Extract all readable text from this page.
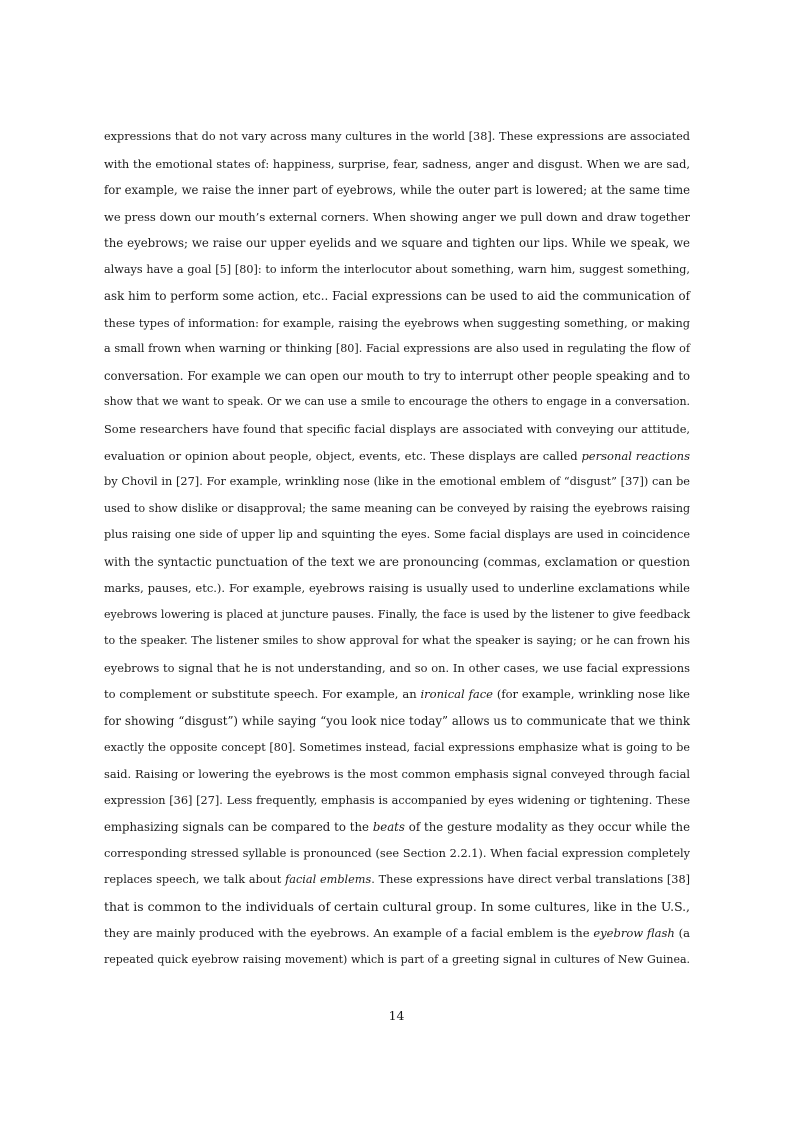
expressions that do not vary across many cultures in the world [38]. These expressions are associated
with the emotional states of: happiness, surprise, fear, sadness, anger and disgust. When we are sad,
for example, we raise the inner part of eyebrows, while the outer part is lowered; at the same time
we press down our mouth’s external corners. When showing anger we pull down and draw together
the eyebrows; we raise our upper eyelids and we square and tighten our lips. While we speak, we
always have a goal [5] [80]: to inform the interlocutor about something, warn him, suggest something,
ask him to perform some action, etc.. Facial expressions can be used to aid the communication of
these types of information: for example, raising the eyebrows when suggesting something, or making
a small frown when warning or thinking [80]. Facial expressions are also used in regulating the flow of
conversation. For example we can open our mouth to try to interrupt other people speaking and to
show that we want to speak. Or we can use a smile to encourage the others to engage in a conversation.
Some researchers have found that specific facial displays are associated with conveying our attitude,
evaluation or opinion about people, object, events, etc. These displays are called personal reactions
by Chovil in [27]. For example, wrinkling nose (like in the emotional emblem of “disgust” [37]) can be
used to show dislike or disapproval; the same meaning can be conveyed by raising the eyebrows raising
plus raising one side of upper lip and squinting the eyes. Some facial displays are used in coincidence
with the syntactic punctuation of the text we are pronouncing (commas, exclamation or question
marks, pauses, etc.). For example, eyebrows raising is usually used to underline exclamations while
eyebrows lowering is placed at juncture pauses. Finally, the face is used by the listener to give feedback
to the speaker. The listener smiles to show approval for what the speaker is saying; or he can frown his
eyebrows to signal that he is not understanding, and so on. In other cases, we use facial expressions
to complement or substitute speech. For example, an ironical face (for example, wrinkling nose like
for showing “disgust”) while saying “you look nice today” allows us to communicate that we think
exactly the opposite concept [80]. Sometimes instead, facial expressions emphasize what is going to be
said. Raising or lowering the eyebrows is the most common emphasis signal conveyed through facial
expression [36] [27]. Less frequently, emphasis is accompanied by eyes widening or tightening. These
emphasizing signals can be compared to the beats of the gesture modality as they occur while the
corresponding stressed syllable is pronounced (see Section 2.2.1). When facial expression completely
replaces speech, we talk about facial emblems. These expressions have direct verbal translations [38]
that is common to the individuals of certain cultural group. In some cultures, like in the U.S.,
they are mainly produced with the eyebrows. An example of a facial emblem is the eyebrow flash (a
repeated quick eyebrow raising movement) which is part of a greeting signal in cultures of New Guinea.
14
